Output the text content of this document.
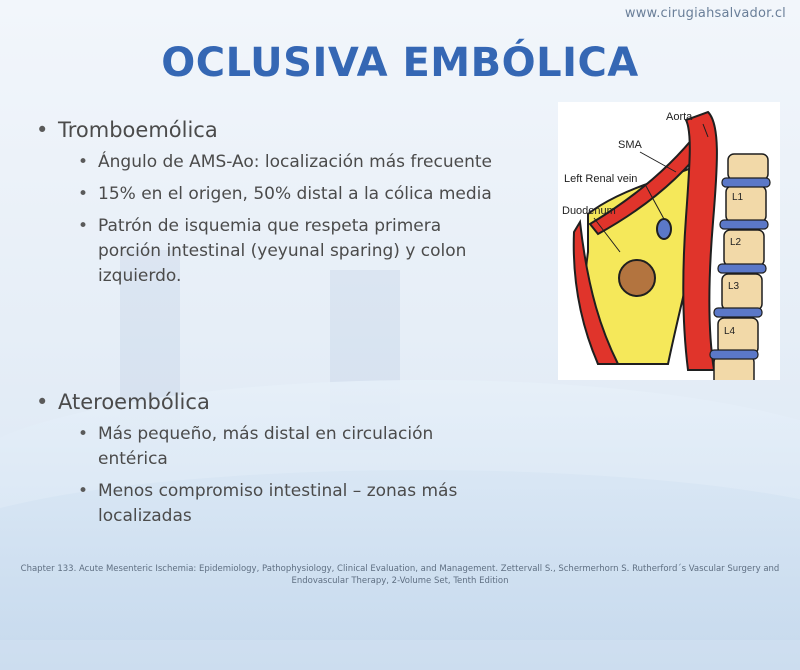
www.cirugiahsalvador.cl
OCLUSIVA EMBÓLICA

• Tromboemólica

• Ángulo de AMS-Ao: localización más frecuente
• 15% en el origen, 50% distal a la cólica media
• Patrón de isquemia que respeta primera porción intestinal (yeyunal sparing) y colon izquierdo.

• Ateroembólica

• Más pequeño, más distal en circulación entérica
• Menos compromiso intestinal – zonas más localizadas
Aorta
SMA
Left Renal vein
Duodenum
L1
L2
L3
L4
Chapter 133. Acute Mesenteric Ischemia: Epidemiology, Pathophysiology, Clinical Evaluation, and Management. Zettervall S., Schermerhorn S. Rutherford´s Vascular Surgery and Endovascular Therapy, 2-Volume Set, Tenth Edition
